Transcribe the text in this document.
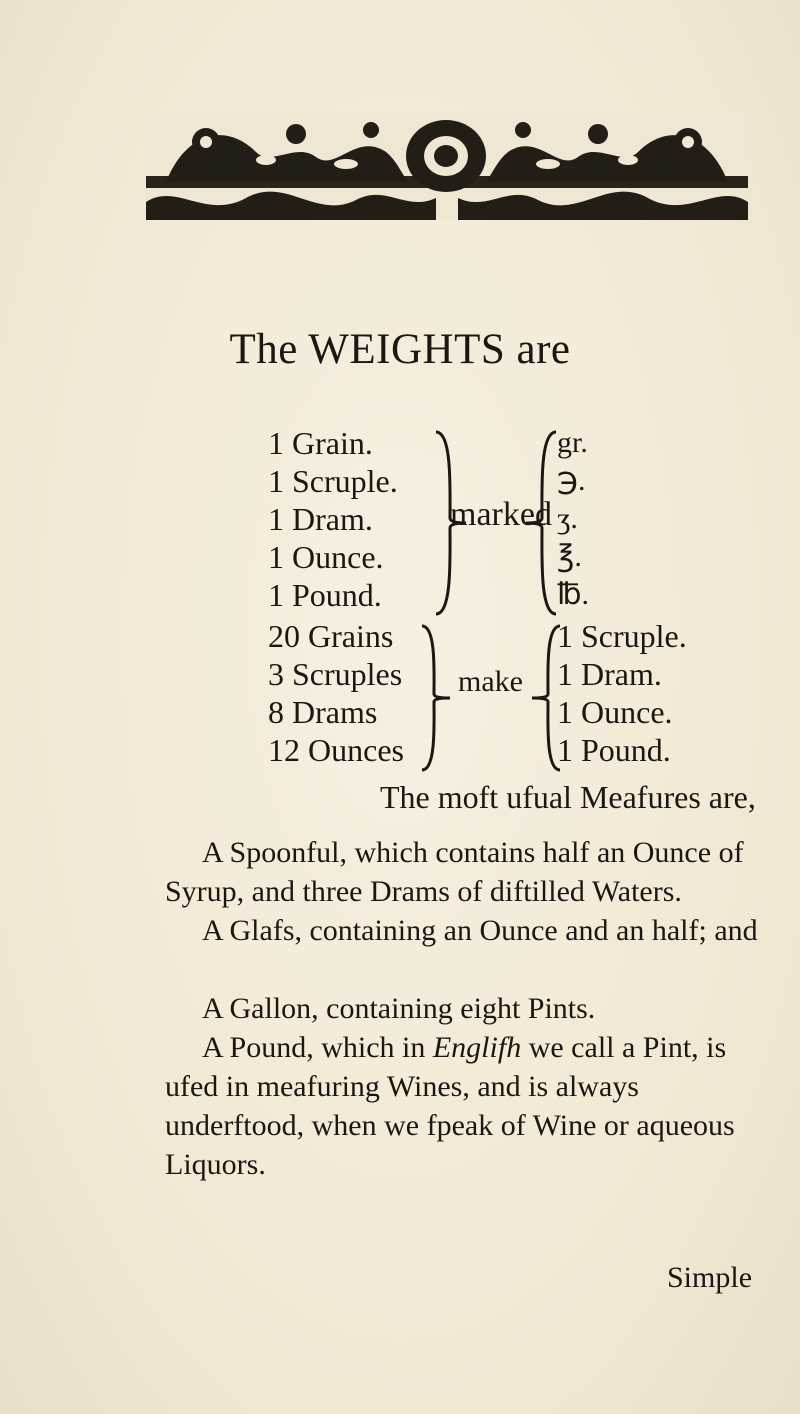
The WEIGHTS are
1 Grain.
1 Scruple.
1 Dram.
1 Ounce.
1 Pound.
marked
gr.
℈.
ʒ.
℥.
℔.
20 Grains
3 Scruples
8 Drams
12 Ounces
make
1 Scruple.
1 Dram.
1 Ounce.
1 Pound.
The moft ufual Meafures are,
A Spoonful, which contains half an Ounce of Syrup, and three Drams of diftilled Waters.
A Glafs, containing an Ounce and an half; and
A Gallon, containing eight Pints.
A Pound, which in Englifh we call a Pint, is ufed in meafuring Wines, and is always underftood, when we fpeak of Wine or aqueous Liquors.
Simple
